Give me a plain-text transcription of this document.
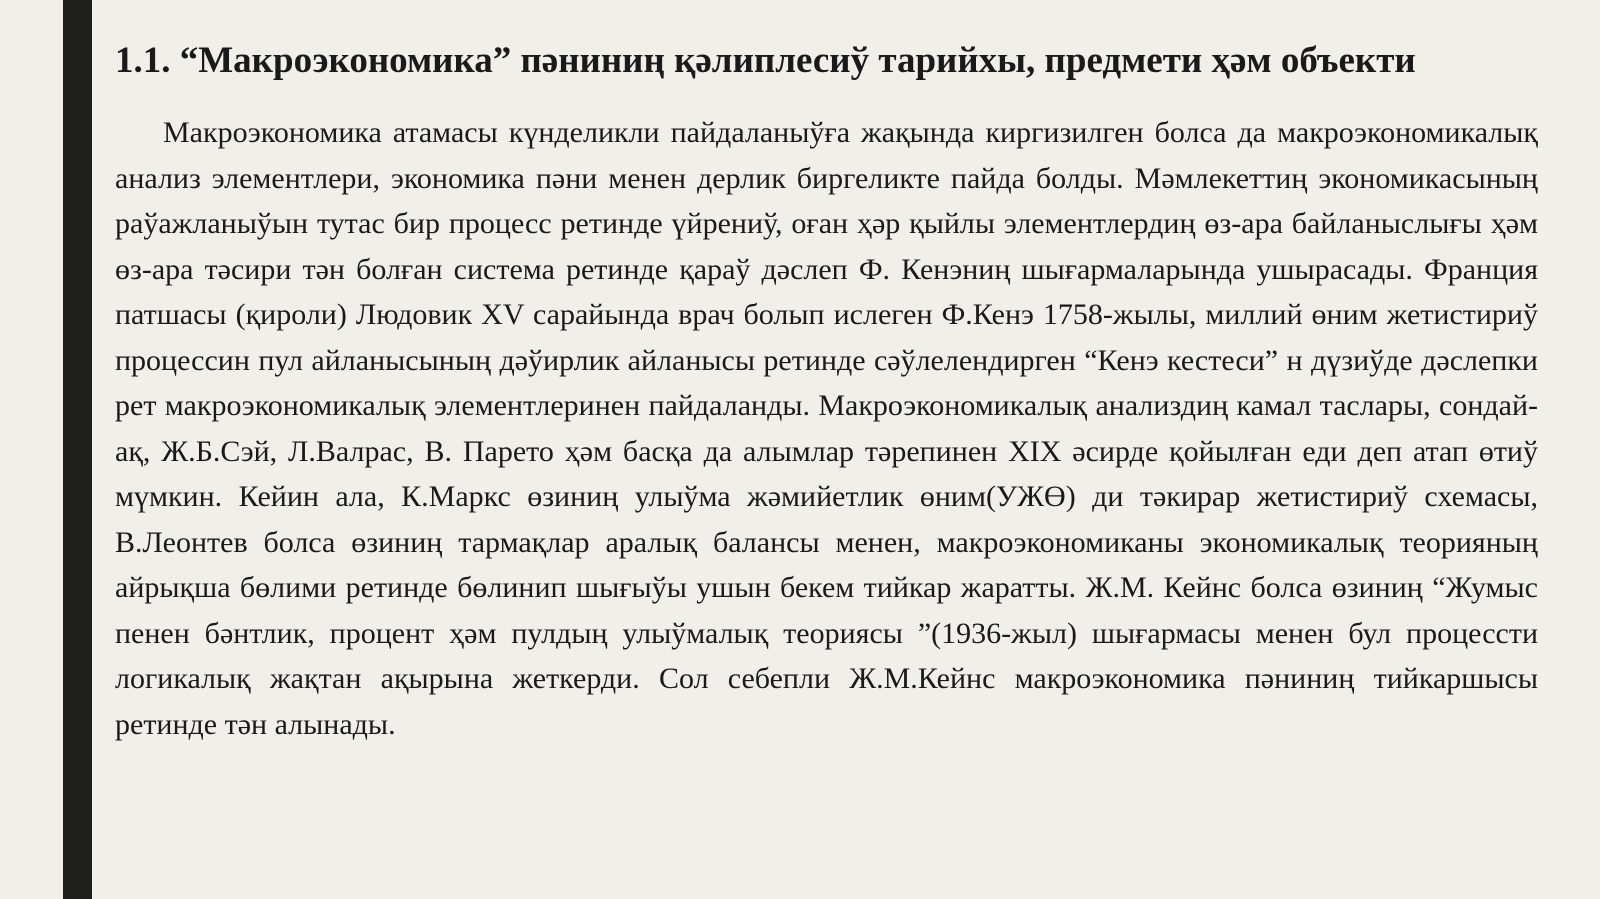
1.1. “Макроэкономика” пәниниң қәлиплесиў тарийхы, предмети ҳәм объекти

Макроэкономика атамасы күнделикли пайдаланыўға жақында киргизилген болса да макроэкономикалық анализ элементлери, экономика пәни менен дерлик биргеликте пайда болды. Мәмлекеттиң экономикасының раўажланыўын тутас бир процесс ретинде үйрениў, оған ҳәр қыйлы элементлердиң өз-ара байланыслығы ҳәм өз-ара тәсири тән болған система ретинде қараў дәслеп Ф. Кенэниң шығармаларында ушырасады. Франция патшасы (қироли) Людовик XV сарайында врач болып ислеген Ф.Кенэ 1758-жылы, миллий өним жетистириў процессин пул айланысының дәўирлик айланысы ретинде сәўлелендирген “Кенэ кестеси” н дүзиўде дәслепки рет макроэкономикалық элементлеринен пайдаланды. Макроэкономикалық анализдиң камал таслары, сондай-ақ, Ж.Б.Сэй, Л.Валрас, В. Парето ҳәм басқа да алымлар тәрепинен XIX әсирде қойылған еди деп атап өтиў мүмкин. Кейин ала, К.Маркс өзиниң улыўма жәмийетлик өним(УЖӨ) ди тәкирар жетистириў схемасы, В.Леонтев болса өзиниң тармақлар аралық балансы менен, макроэкономиканы экономикалық теорияның айрықша бөлими ретинде бөлинип шығыўы ушын бекем тийкар жаратты. Ж.М. Кейнс болса өзиниң “Жумыс пенен бәнтлик, процент ҳәм пулдың улыўмалық теориясы ”(1936-жыл) шығармасы менен бул процессти логикалық жақтан ақырына жеткерди. Сол себепли Ж.М.Кейнс макроэкономика пәниниң тийкаршысы ретинде тән алынады.
